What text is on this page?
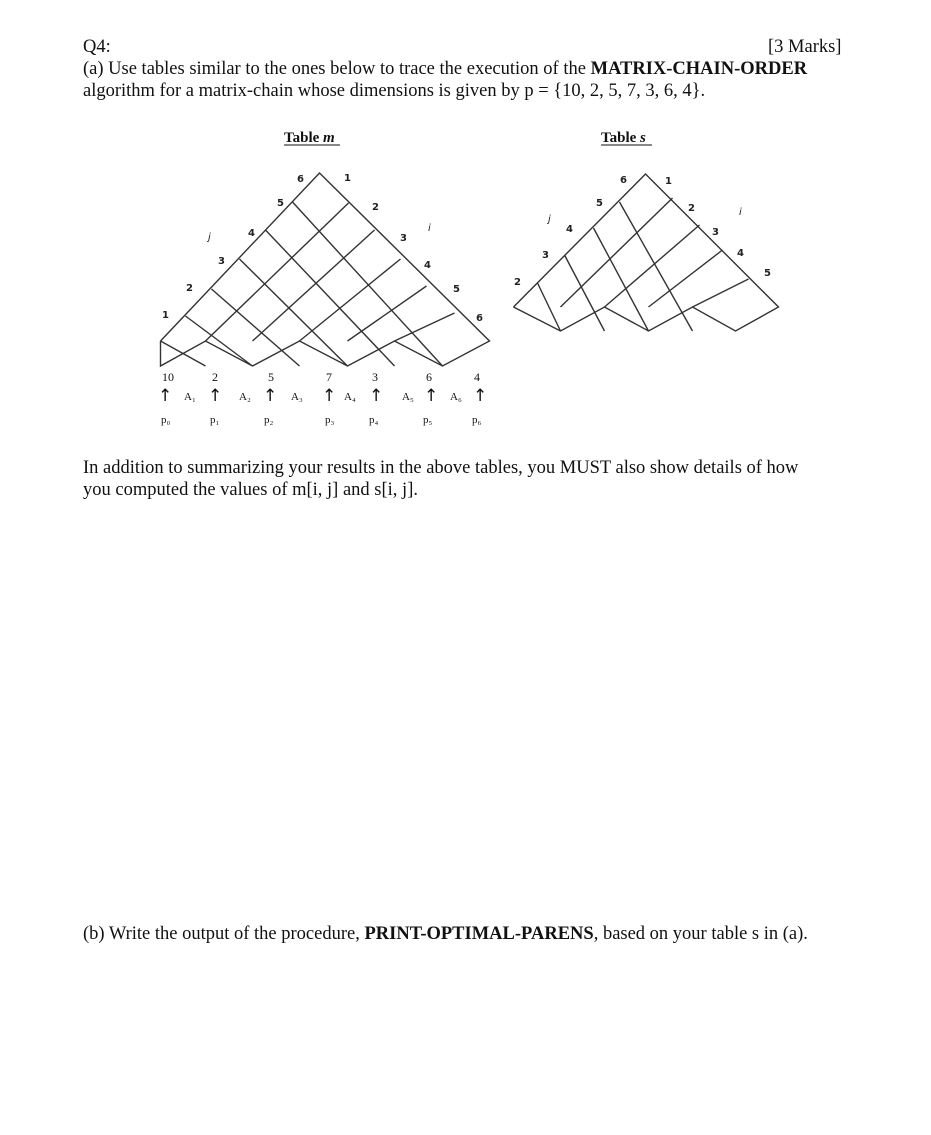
Q4:	[3 Marks]
(a) Use tables similar to the ones below to trace the execution of the MATRIX-CHAIN-ORDER
algorithm for a matrix-chain whose dimensions is given by p = {10, 2, 5, 7, 3, 6, 4}.
Table m
j
i
1
2
3
4
5
6	1
2
3
4
5
6
10	2	5	7	3	6	4
↑ ↑ ↑	↑ ↑ ↑ ↑
A₁	A₂	A₃	A₄	A₅	A₆
p₀	p₁	p₂	p₃	p₄	p₅	p₆
Table s
j
i
2
3
4
5
6	1
2
3
4
5
In addition to summarizing your results in the above tables, you MUST also show details of how
you computed the values of m[i, j] and s[i, j].
(b) Write the output of the procedure, PRINT-OPTIMAL-PARENS, based on your table s in (a).
